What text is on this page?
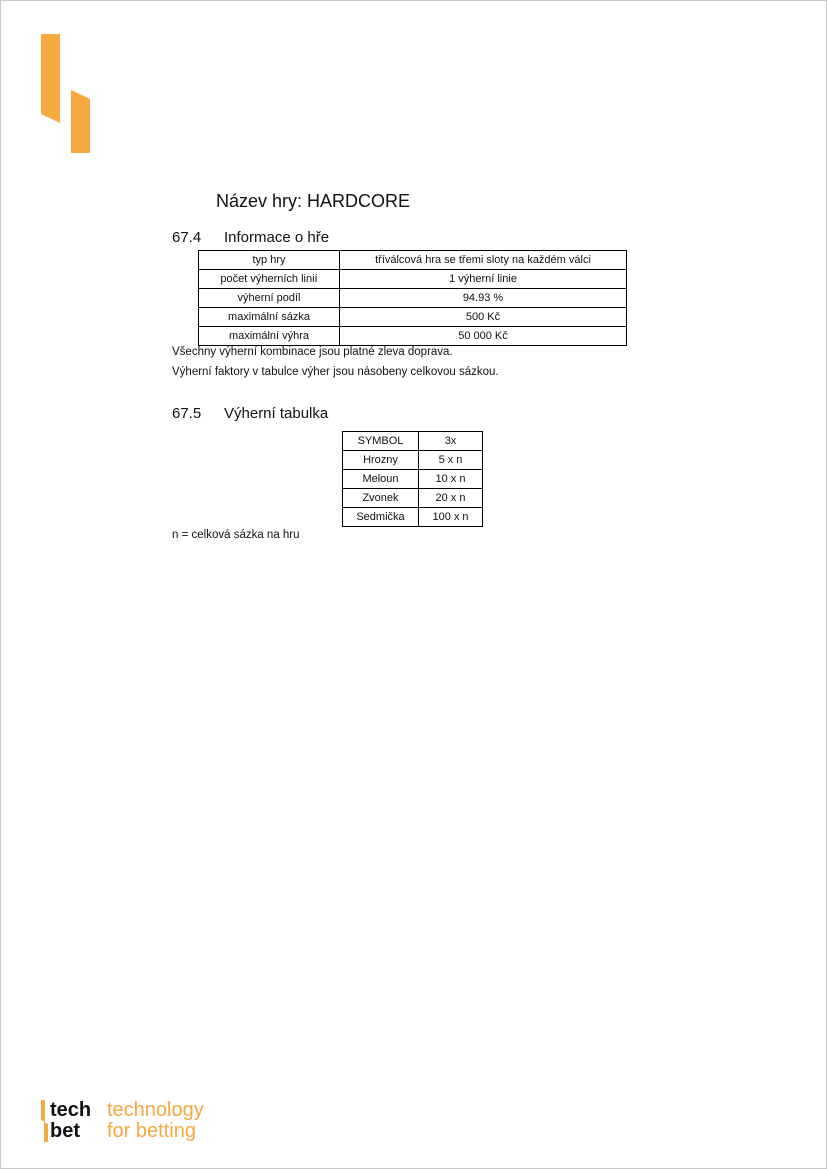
Název hry: HARDCORE
67.4 Informace o hře
typ hry	tříválcová hra se třemi sloty na každém válci
počet výherních linií	1 výherní linie
výherní podíl	94.93 %
maximální sázka	500 Kč
maximální výhra	50 000 Kč
Všechny výherní kombinace jsou platné zleva doprava.
Výherní faktory v tabulce výher jsou násobeny celkovou sázkou.
67.5 Výherní tabulka
SYMBOL	3x
Hrozny	5 x n
Meloun	10 x n
Zvonek	20 x n
Sedmička	100 x n
n = celková sázka na hru
tech
bet
technology
for betting
